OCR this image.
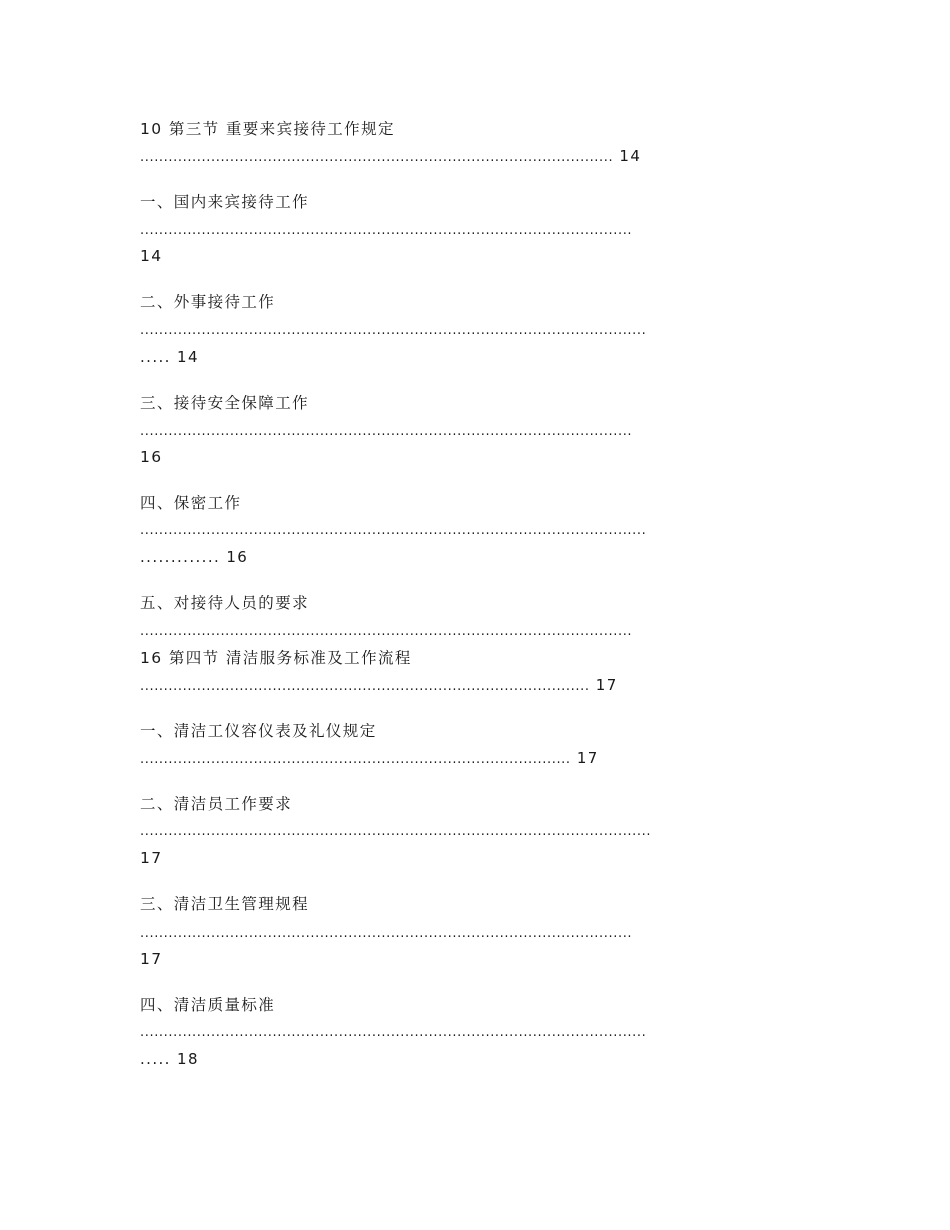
10 第三节 重要来宾接待工作规定
.................................................................................................... 14
一、国内来宾接待工作
........................................................................................................
14
二、外事接待工作
...........................................................................................................
..... 14
三、接待安全保障工作
........................................................................................................
16
四、保密工作
...........................................................................................................
............. 16
五、对接待人员的要求
........................................................................................................
16 第四节 清洁服务标准及工作流程
............................................................................................... 17
一、清洁工仪容仪表及礼仪规定
........................................................................................... 17
二、清洁员工作要求
............................................................................................................
17
三、清洁卫生管理规程
........................................................................................................
17
四、清洁质量标准
...........................................................................................................
..... 18
